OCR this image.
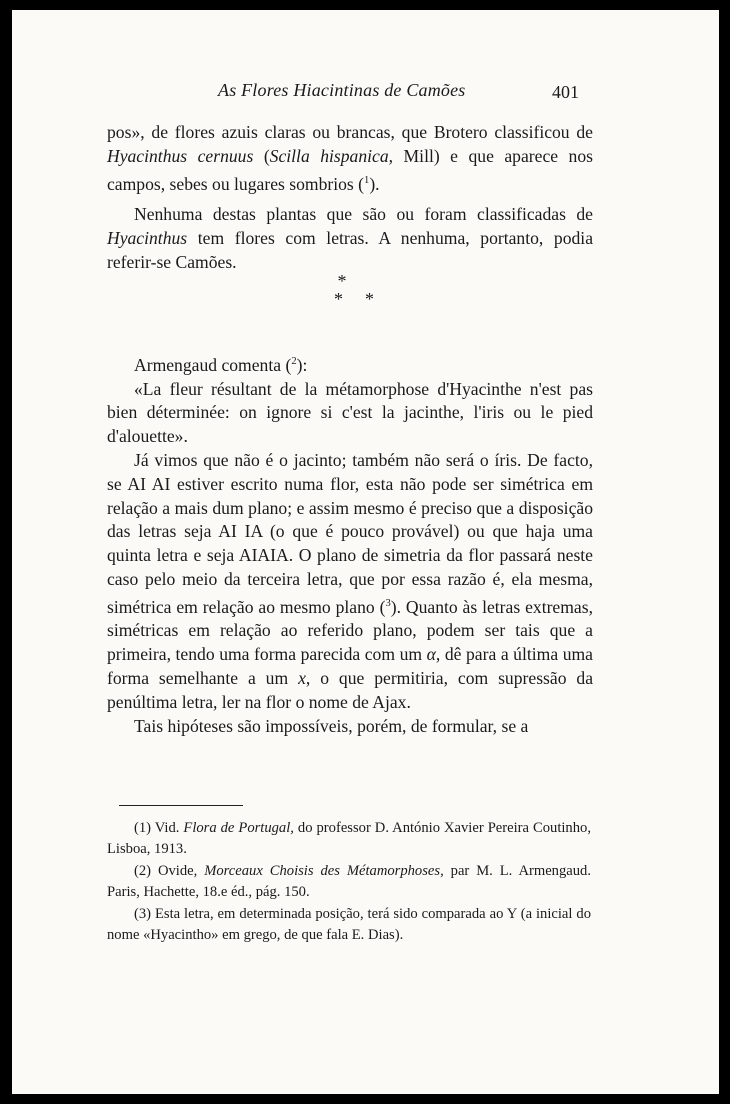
As Flores Hiacintinas de Camões	401

pos», de flores azuis claras ou brancas, que Brotero classificou de Hyacinthus cernuus (Scilla hispanica, Mill) e que aparece nos campos, sebes ou lugares sombrios ($^1$).

Nenhuma destas plantas que são ou foram classificadas de Hyacinthus tem flores com letras. A nenhuma, portanto, podia referir-se Camões.

*
**

Armengaud comenta ($^2$):

«La fleur résultant de la métamorphose d'Hyacinthe n'est pas bien déterminée: on ignore si c'est la jacinthe, l'iris ou le pied d'alouette».

Já vimos que não é o jacinto; também não será o íris. De facto, se AI AI estiver escrito numa flor, esta não pode ser simétrica em relação a mais dum plano; e assim mesmo é preciso que a disposição das letras seja AI IA (o que é pouco provável) ou que haja uma quinta letra e seja AIAIA. O plano de simetria da flor passará neste caso pelo meio da terceira letra, que por essa razão é, ela mesma, simétrica em relação ao mesmo plano ($^3$). Quanto às letras extremas, simétricas em relação ao referido plano, podem ser tais que a primeira, tendo uma forma parecida com um α, dê para a última uma forma semelhante a um x, o que permitiria, com supressão da penúltima letra, ler na flor o nome de Ajax.

Tais hipóteses são impossíveis, porém, de formular, se a

(1) Vid. Flora de Portugal, do professor D. António Xavier Pereira Coutinho, Lisboa, 1913.

(2) Ovide, Morceaux Choisis des Métamorphoses, par M. L. Armengaud. Paris, Hachette, 18.e éd., pág. 150.

(3) Esta letra, em determinada posição, terá sido comparada ao Y (a inicial do nome «Hyacintho» em grego, de que fala E. Dias).
